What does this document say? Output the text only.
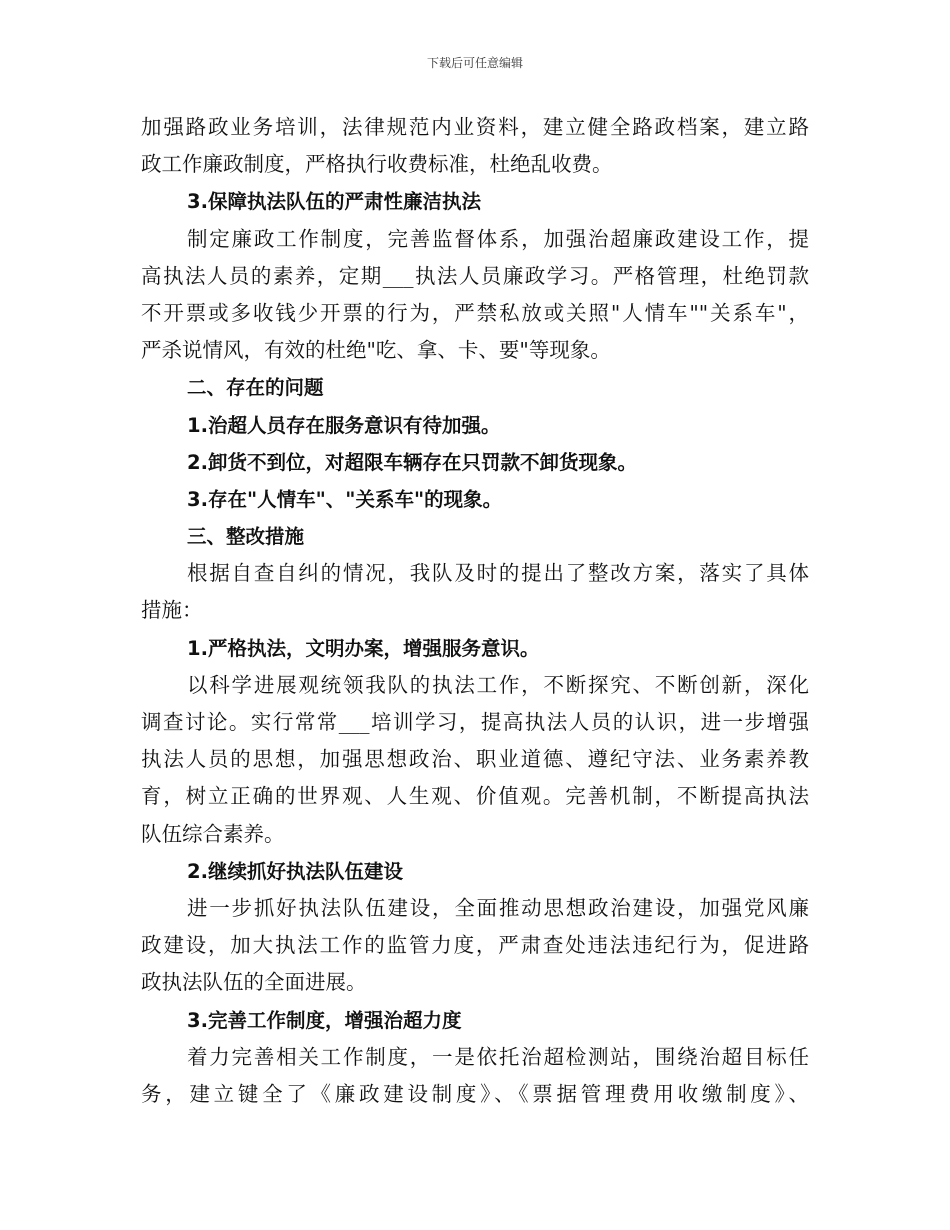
下载后可任意编辑
加强路政业务培训，法律规范内业资料，建立健全路政档案，建立路
政工作廉政制度，严格执行收费标准，杜绝乱收费。
3.保障执法队伍的严肃性廉洁执法
制定廉政工作制度，完善监督体系，加强治超廉政建设工作，提
高执法人员的素养，定期___执法人员廉政学习。严格管理，杜绝罚款
不开票或多收钱少开票的行为，严禁私放或关照"人情车""关系车"，
严杀说情风，有效的杜绝"吃、拿、卡、要"等现象。
二、存在的问题
1.治超人员存在服务意识有待加强。
2.卸货不到位，对超限车辆存在只罚款不卸货现象。
3.存在"人情车"、"关系车"的现象。
三、整改措施
根据自查自纠的情况，我队及时的提出了整改方案，落实了具体
措施：
1.严格执法，文明办案，增强服务意识。
以科学进展观统领我队的执法工作，不断探究、不断创新，深化
调查讨论。实行常常___培训学习，提高执法人员的认识，进一步增强
执法人员的思想，加强思想政治、职业道德、遵纪守法、业务素养教
育，树立正确的世界观、人生观、价值观。完善机制，不断提高执法
队伍综合素养。
2.继续抓好执法队伍建设
进一步抓好执法队伍建设，全面推动思想政治建设，加强党风廉
政建设，加大执法工作的监管力度，严肃查处违法违纪行为，促进路
政执法队伍的全面进展。
3.完善工作制度，增强治超力度
着力完善相关工作制度，一是依托治超检测站，围绕治超目标任
务，建立键全了《廉政建设制度》、《票据管理费用收缴制度》、
